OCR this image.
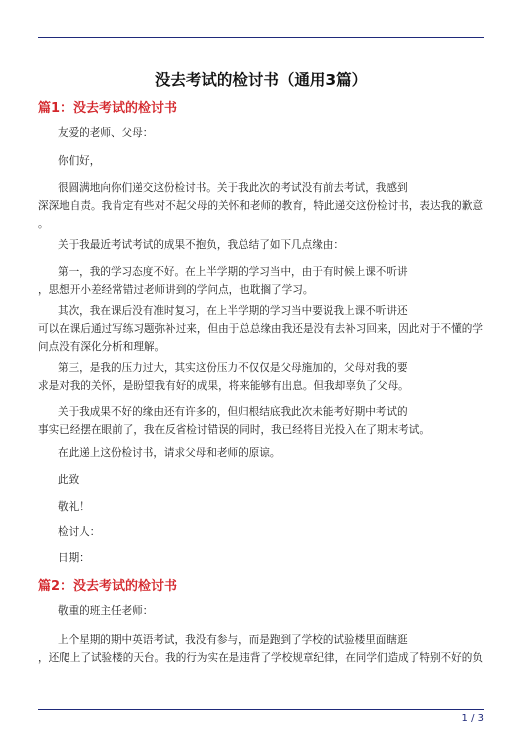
没去考试的检讨书（通用3篇）
篇1：没去考试的检讨书

友爱的老师、父母：

你们好，

很圆满地向你们递交这份检讨书。关于我此次的考试没有前去考试，我感到
深深地自责。我肯定有些对不起父母的关怀和老师的教育，特此递交这份检讨书，表达我的歉意
。

关于我最近考试考试的成果不抱负，我总结了如下几点缘由：

第一，我的学习态度不好。在上半学期的学习当中，由于有时候上课不听讲
，思想开小差经常错过老师讲到的学问点，也耽搁了学习。

其次，我在课后没有准时复习，在上半学期的学习当中要说我上课不听讲还
可以在课后通过写练习题弥补过来，但由于总总缘由我还是没有去补习回来，因此对于不懂的学
问点没有深化分析和理解。

第三，是我的压力过大，其实这份压力不仅仅是父母施加的，父母对我的要
求是对我的关怀，是盼望我有好的成果，将来能够有出息。但我却辜负了父母。

关于我成果不好的缘由还有许多的，但归根结底我此次未能考好期中考试的
事实已经摆在眼前了，我在反省检讨错误的同时，我已经将目光投入在了期末考试。

在此递上这份检讨书，请求父母和老师的原谅。

此致

敬礼！

检讨人：

日期：

篇2：没去考试的检讨书

敬重的班主任老师：

上个星期的期中英语考试，我没有参与，而是跑到了学校的试验楼里面瞎逛
，还爬上了试验楼的天台。我的行为实在是违背了学校规章纪律，在同学们造成了特别不好的负

1 / 3
